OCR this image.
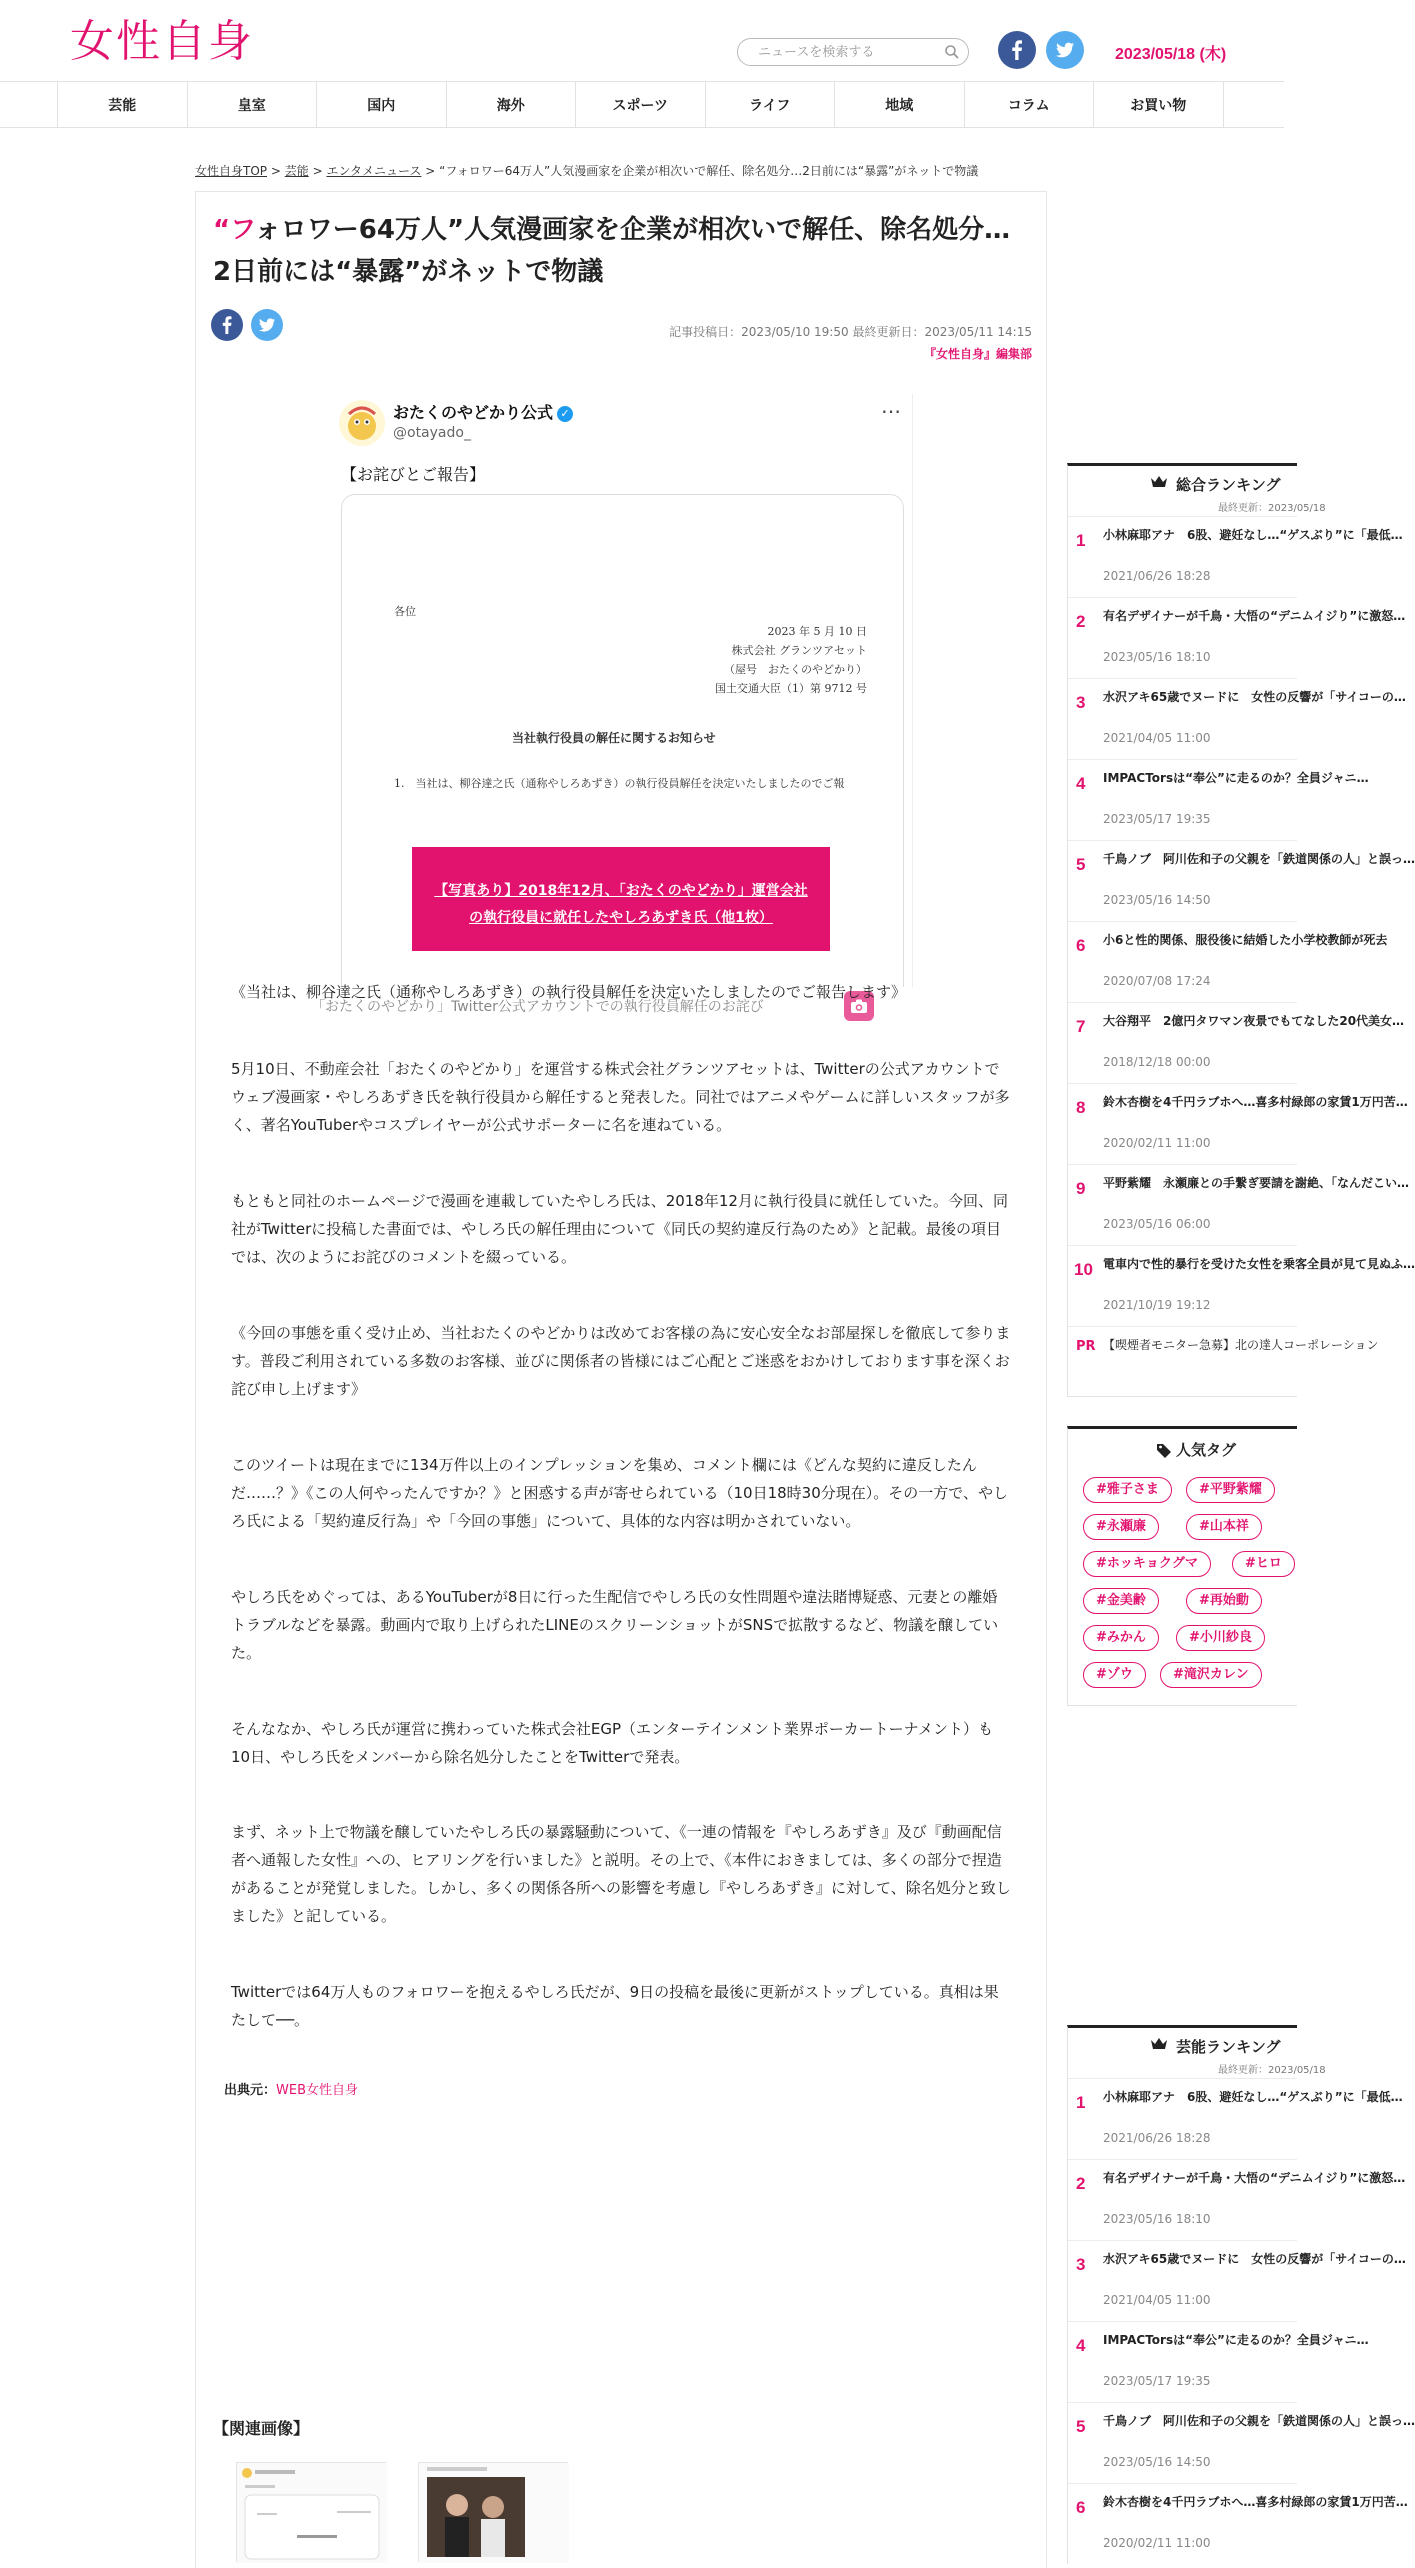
女性自身
ニュースを検索する	2023/05/18 (木)
芸能	皇室	国内	海外	スポーツ	ライフ	地域	コラム	お買い物
女性自身TOP > 芸能 > エンタメニュース > “フォロワー64万人”人気漫画家を企業が相次いで解任、除名処分…2日前には“暴露”がネットで物議
“フォロワー64万人”人気漫画家を企業が相次いで解任、除名処分…2日前には“暴露”がネットで物議
記事投稿日：2023/05/10 19:50 最終更新日：2023/05/11 14:15
『女性自身』編集部
おたくのやどかり公式 ✓
@otayado_
…
【お詫びとご報告】
各位
2023 年 5 月 10 日
株式会社 グランツアセット
（屋号　おたくのやどかり）
国土交通大臣（1）第 9712 号
当社執行役員の解任に関するお知らせ
1.　当社は、柳谷達之氏（通称やしろあずき）の執行役員解任を決定いたしましたのでご報
「おたくのやどかり」Twitter公式アカウントでの執行役員解任のお詫び
【写真あり】2018年12月、「おたくのやどかり」運営会社の執行役員に就任したやしろあずき氏（他1枚）

《当社は、柳谷達之氏（通称やしろあずき）の執行役員解任を決定いたしましたのでご報告します》

5月10日、不動産会社「おたくのやどかり」を運営する株式会社グランツアセットは、Twitterの公式アカウントでウェブ漫画家・やしろあずき氏を執行役員から解任すると発表した。同社ではアニメやゲームに詳しいスタッフが多く、著名YouTuberやコスプレイヤーが公式サポーターに名を連ねている。

もともと同社のホームページで漫画を連載していたやしろ氏は、2018年12月に執行役員に就任していた。今回、同社がTwitterに投稿した書面では、やしろ氏の解任理由について《同氏の契約違反行為のため》と記載。最後の項目では、次のようにお詫びのコメントを綴っている。

《今回の事態を重く受け止め、当社おたくのやどかりは改めてお客様の為に安心安全なお部屋探しを徹底して参ります。普段ご利用されている多数のお客様、並びに関係者の皆様にはご心配とご迷惑をおかけしております事を深くお詫び申し上げます》

このツイートは現在までに134万件以上のインプレッションを集め、コメント欄には《どんな契約に違反したんだ……？》《この人何やったんですか？》と困惑する声が寄せられている（10日18時30分現在）。その一方で、やしろ氏による「契約違反行為」や「今回の事態」について、具体的な内容は明かされていない。

やしろ氏をめぐっては、あるYouTuberが8日に行った生配信でやしろ氏の女性問題や違法賭博疑惑、元妻との離婚トラブルなどを暴露。動画内で取り上げられたLINEのスクリーンショットがSNSで拡散するなど、物議を醸していた。

そんななか、やしろ氏が運営に携わっていた株式会社EGP（エンターテインメント業界ポーカートーナメント）も10日、やしろ氏をメンバーから除名処分したことをTwitterで発表。

まず、ネット上で物議を醸していたやしろ氏の暴露騒動について、《一連の情報を『やしろあずき』及び『動画配信者へ通報した女性』への、ヒアリングを行いました》と説明。その上で、《本件におきましては、多くの部分で捏造があることが発覚しました。しかし、多くの関係各所への影響を考慮し『やしろあずき』に対して、除名処分と致しました》と記している。

Twitterでは64万人ものフォロワーを抱えるやしろ氏だが、9日の投稿を最後に更新がストップしている。真相は果たして──。

出典元：WEB女性自身
【関連画像】
総合ランキング
最終更新：2023/05/18
1 小林麻耶アナ　6股、避妊なし…“ゲスぶり”に「最低…
2021/06/26 18:28
2 有名デザイナーが千鳥・大悟の“デニムイジり”に激怒…
2023/05/16 18:10
3 水沢アキ65歳でヌードに　女性の反響が「サイコーの…
2021/04/05 11:00
4 IMPACTorsは“奉公”に走るのか？全員ジャニ…
2023/05/17 19:35
5 千鳥ノブ　阿川佐和子の父親を「鉄道関係の人」と誤っ…
2023/05/16 14:50
6 小6と性的関係、服役後に結婚した小学校教師が死去
2020/07/08 17:24
7 大谷翔平　2億円タワマン夜景でもてなした20代美女…
2018/12/18 00:00
8 鈴木杏樹を4千円ラブホへ…喜多村緑郎の家賃1万円苦…
2020/02/11 11:00
9 平野紫耀　永瀬廉との手繋ぎ要請を謝絶、「なんだこい…
2023/05/16 06:00
10 電車内で性的暴行を受けた女性を乗客全員が見て見ぬふ…
2021/10/19 19:12
PR 【喫煙者モニター急募】北の達人コーポレーション
人気タグ
#雅子さま	#平野紫耀
#永瀬廉	#山本祥
#ホッキョクグマ	#ヒロ
#金美齢	#再始動
#みかん	#小川紗良
#ゾウ	#滝沢カレン
芸能ランキング
最終更新：2023/05/18
1 小林麻耶アナ　6股、避妊なし…“ゲスぶり”に「最低…
2021/06/26 18:28
2 有名デザイナーが千鳥・大悟の“デニムイジり”に激怒…
2023/05/16 18:10
3 水沢アキ65歳でヌードに　女性の反響が「サイコーの…
2021/04/05 11:00
4 IMPACTorsは“奉公”に走るのか？全員ジャニ…
2023/05/17 19:35
5 千鳥ノブ　阿川佐和子の父親を「鉄道関係の人」と誤っ…
2023/05/16 14:50
6 鈴木杏樹を4千円ラブホへ…喜多村緑郎の家賃1万円苦…
2020/02/11 11:00
